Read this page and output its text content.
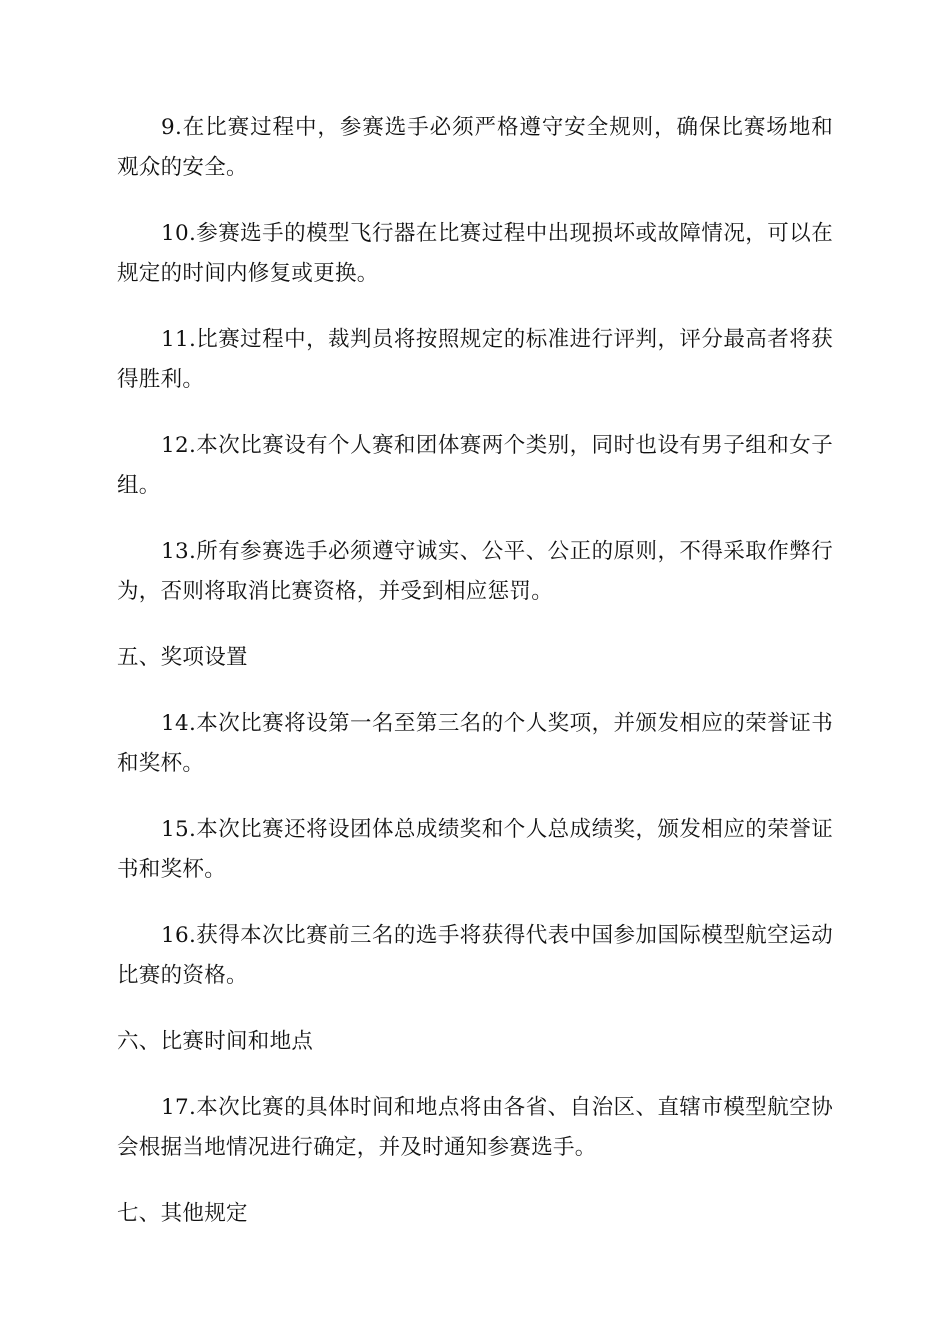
9.在比赛过程中，参赛选手必须严格遵守安全规则，确保比赛场地和观众的安全。

10.参赛选手的模型飞行器在比赛过程中出现损坏或故障情况，可以在规定的时间内修复或更换。

11.比赛过程中，裁判员将按照规定的标准进行评判，评分最高者将获得胜利。

12.本次比赛设有个人赛和团体赛两个类别，同时也设有男子组和女子组。

13.所有参赛选手必须遵守诚实、公平、公正的原则，不得采取作弊行为，否则将取消比赛资格，并受到相应惩罚。

五、奖项设置

14.本次比赛将设第一名至第三名的个人奖项，并颁发相应的荣誉证书和奖杯。

15.本次比赛还将设团体总成绩奖和个人总成绩奖，颁发相应的荣誉证书和奖杯。

16.获得本次比赛前三名的选手将获得代表中国参加国际模型航空运动比赛的资格。

六、比赛时间和地点

17.本次比赛的具体时间和地点将由各省、自治区、直辖市模型航空协会根据当地情况进行确定，并及时通知参赛选手。

七、其他规定
